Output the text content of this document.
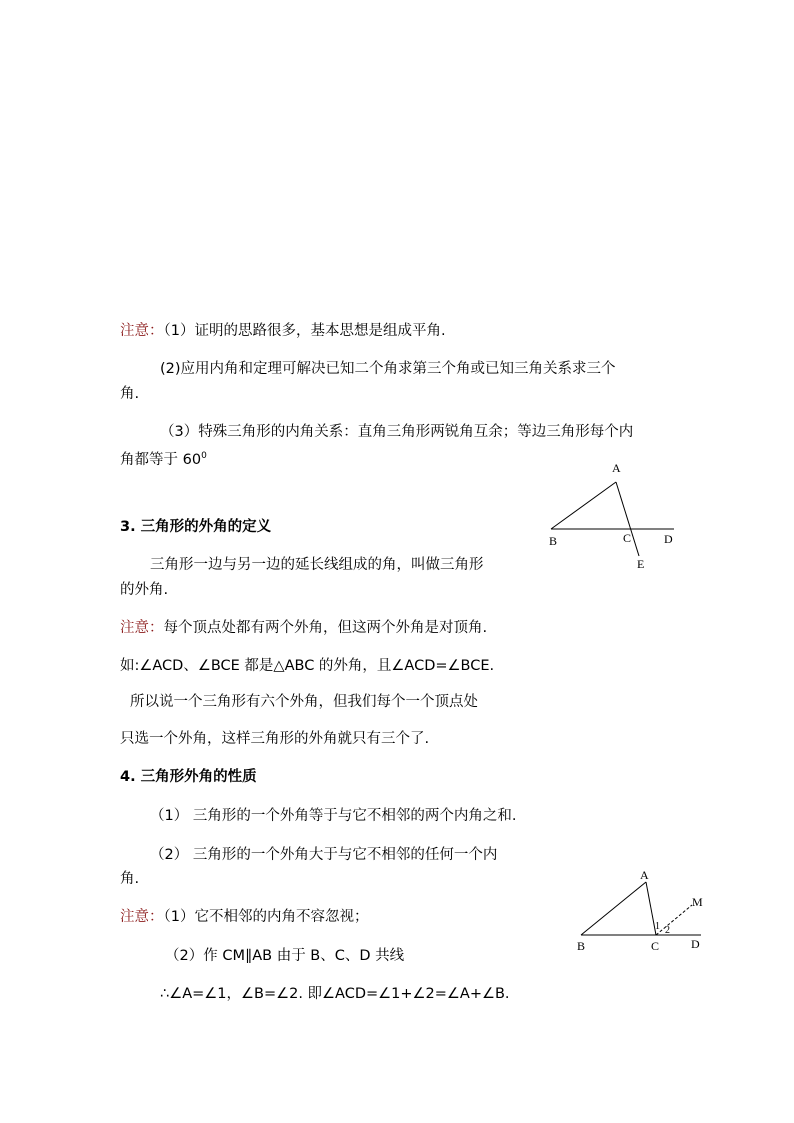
注意：（1）证明的思路很多，基本思想是组成平角.
(2)应用内角和定理可解决已知二个角求第三个角或已知三角关系求三个
角.
（3）特殊三角形的内角关系：直角三角形两锐角互余；等边三角形每个内
角都等于 $60^0$
3. 三角形的外角的定义
三角形一边与另一边的延长线组成的角，叫做三角形
的外角.
注意：每个顶点处都有两个外角，但这两个外角是对顶角.
如:∠ACD、∠BCE 都是△ABC 的外角，且∠ACD=∠BCE.
所以说一个三角形有六个外角，但我们每个一个顶点处
只选一个外角，这样三角形的外角就只有三个了.
A
B	C	D
E
4. 三角形外角的性质
（1） 三角形的一个外角等于与它不相邻的两个内角之和.
（2） 三角形的一个外角大于与它不相邻的任何一个内
角.
注意：（1）它不相邻的内角不容忽视；
（2）作 CM∥AB 由于 B、C、D 共线
∴∠A=∠1，∠B=∠2. 即∠ACD=∠1+∠2=∠A+∠B.
A
B	C	D
M
1 2
